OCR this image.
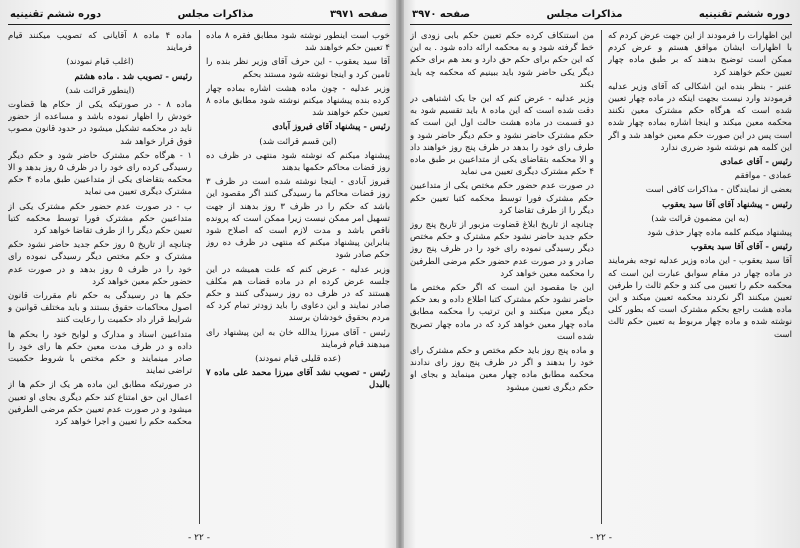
صفحه ۳۹۷۱
مذاکرات مجلس
دوره ششم تقنینیه

خوب است اینطور نوشته شود مطابق فقره ۸ ماده ۴ تعیین حکم خواهند شد

آقا سید یعقوب - این حرف آقای وزیر نظر بنده را تامین کرد و اینجا نوشته شود مستند بحکم

وزیر عدلیه - چون ماده هشت اشاره بماده چهار کرده بنده پیشنهاد میکنم نوشته شود مطابق ماده ۸ تعیین حکم خواهند شد

رئیس - پیشنهاد آقای فیروز آبادی

(این قسم قرائت شد)

پیشنهاد میکنم که نوشته شود منتهی در ظرف ده روز قضات محاکم حکمها بدهند

فیروز آبادی - اینجا نوشته شده است در ظرف ۳ روز قضات محاکم ما رسیدگی کنند اگر مقصود این باشد که حکم را در ظرف ۳ روز بدهند از جهت تسهیل امر ممکن نیست زیرا ممکن است که پرونده ناقص باشد و مدت لازم است که اصلاح شود بنابراین پیشنهاد میکنم که منتهی در ظرف ده روز حکم صادر شود

وزیر عدلیه - عرض کنم که علت همیشه در این جلسه عرض کرده ام در ماده قضات هم مکلف هستند که در ظرف ده روز رسیدگی کنند و حکم صادر نمایند و این دعاوی را باید زودتر تمام کرد که مردم بحقوق خودشان برسند

رئیس - آقای میرزا یدالله خان به این پیشنهاد رای میدهند قیام فرمایند

(عده قلیلی قیام نمودند)

رئیس - تصویب نشد آقای میرزا محمد علی ماده ۷ بالبدل

ماده ۴ ماده ۸ آقایانی که تصویب میکنند قیام فرمایند

(اغلب قیام نمودند)

رئیس - تصویب شد . ماده هشتم

(اینطور قرائت شد)

ماده ۸ - در صورتیکه یکی از حکام ها قضاوت خودش را اظهار نموده باشد و مساعده از حضور ناید در محکمه تشکیل میشود در حدود قانون مصوب فوق قرار خواهد شد

۱ - هرگاه حکم مشترک حاضر شود و حکم دیگر رسیدگی کرده رای خود را در ظرف ۵ روز بدهد و الا محکمه بتقاضای یکی از متداعیین طبق ماده ۴ حکم مشترک دیگری تعیین می نماید

ب - در صورت عدم حضور حکم مشترک یکی از متداعیین حکم مشترک فورا توسط محکمه کتبا تعیین حکم دیگر را از طرف تقاضا خواهد کرد

چنانچه از تاریخ ۵ روز حکم جدید حاضر نشود حکم مشترک و حکم مختص دیگر رسیدگی نموده رای خود را در ظرف ۵ روز بدهد و در صورت عدم حضور حکم معین خواهد کرد

حکم ها در رسیدگی به حکم نام مقررات قانون اصول محاکمات حقوق بستند و باید مختلف قوانین و شرایط قرار داد حکمیت را رعایت کنند

متداعیین اسناد و مدارک و لوایح خود را بحکم ها داده و در ظرف مدت معین حکم ها رای خود را صادر مینمایند و حکم مختص با شروط حکمیت تراضی نمایند

در صورتیکه مطابق این ماده هر یک از حکم ها از اعمال این حق امتناع کند حکم دیگری بجای او تعیین میشود و در صورت عدم تعیین حکم مرضی الطرفین محکمه حکم را تعیین و اجرا خواهد کرد

- ۲۲ -
دوره ششم تقنینیه
مذاکرات مجلس
صفحه ۳۹۷۰

این اظهارات را فرمودند از این جهت عرض کردم که با اظهارات ایشان موافق هستم و عرض کردم ممکن است توضیح بدهند که بر طبق ماده چهار تعیین حکم خواهند کرد

عنبر - بنظر بنده این اشکالی که آقای وزیر عدلیه فرمودند وارد نیست بجهت اینکه در ماده چهار تعیین شده است که هرگاه حکم مشترک معین نکنند محکمه معین میکند و اینجا اشاره بماده چهار شده است پس در این صورت حکم معین خواهد شد و اگر این کلمه هم نوشته شود ضرری ندارد

رئیس - آقای عمادی

عمادی - موافقم

بعضی از نمایندگان - مذاکرات کافی است

رئیس - پیشنهاد آقای آقا سید یعقوب

(به این مضمون قرائت شد)

پیشنهاد میکنم کلمه ماده چهار حذف شود

رئیس - آقای آقا سید یعقوب

آقا سید یعقوب - این ماده وزیر عدلیه توجه بفرمایند در ماده چهار در مقام سوابق عبارت این است که محکمه حکم را تعیین می کند و حکم ثالث را طرفین تعیین میکنند اگر نکردند محکمه تعیین میکند و این ماده هشت راجع بحکم مشترک است که بطور کلی نوشته شده و ماده چهار مربوط به تعیین حکم ثالث است

من استنکاف کرده حکم تعیین حکم بابی زودی از خط گرفته شود و به محکمه ارائه داده شود . به این که این حکم برای حکم حق دارد و بعد هم برای حکم دیگر یکی حاضر شود باید ببینیم که محکمه چه باید بکند

وزیر عدلیه - عرض کنم که این جا یک اشتباهی در دقت شده است که این ماده ۸ باید تقسیم شود به دو قسمت در ماده هشت حالت اول این است که حکم مشترک حاضر نشود و حکم دیگر حاضر شود و طرف رای خود را بدهد در ظرف پنج روز خواهند داد و الا محکمه بتقاضای یکی از متداعیین بر طبق ماده ۴ حکم مشترک دیگری تعیین می نماید

در صورت عدم حضور حکم مختص یکی از متداعیین حکم مشترک فورا توسط محکمه کتبا تعیین حکم دیگر را از طرف تقاضا کرد

چنانچه از تاریخ ابلاغ قضاوت مزبور از تاریخ پنج روز حکم جدید حاضر نشود حکم مشترک و حکم مختص دیگر رسیدگی نموده رای خود را در ظرف پنج روز صادر و در صورت عدم حضور حکم مرضی الطرفین را محکمه معین خواهد کرد

این جا مقصود این است که اگر حکم مختص ما حاضر نشود حکم مشترک کتبا اطلاع داده و بعد حکم دیگر معین میکنند و این ترتیب را محکمه مطابق ماده چهار معین خواهد کرد که در ماده چهار تصریح شده است

و ماده پنج روز باید حکم مختص و حکم مشترک رای خود را بدهند و اگر در ظرف پنج روز رای ندادند محکمه مطابق ماده چهار معین مینماید و بجای او حکم دیگری تعیین میشود

- ۲۲ -
